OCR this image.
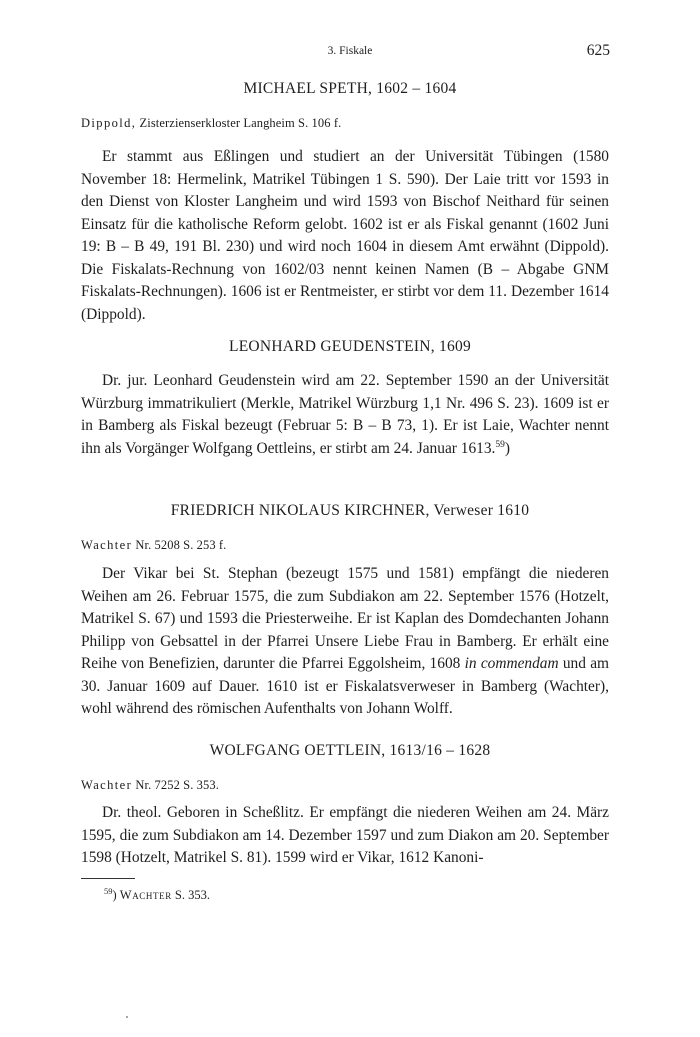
3. Fiskale	625
MICHAEL SPETH, 1602 – 1604
Dippold, Zisterzienserkloster Langheim S. 106 f.

Er stammt aus Eßlingen und studiert an der Universität Tübingen (1580 November 18: Hermelink, Matrikel Tübingen 1 S. 590). Der Laie tritt vor 1593 in den Dienst von Kloster Langheim und wird 1593 von Bischof Neithard für seinen Einsatz für die katholische Reform gelobt. 1602 ist er als Fiskal genannt (1602 Juni 19: B – B 49, 191 Bl. 230) und wird noch 1604 in diesem Amt erwähnt (Dippold). Die Fiskalats-Rechnung von 1602/03 nennt keinen Namen (B – Abgabe GNM Fiskalats-Rechnungen). 1606 ist er Rentmeister, er stirbt vor dem 11. Dezember 1614 (Dippold).

LEONHARD GEUDENSTEIN, 1609

Dr. jur. Leonhard Geudenstein wird am 22. September 1590 an der Universität Würzburg immatrikuliert (Merkle, Matrikel Würzburg 1,1 Nr. 496 S. 23). 1609 ist er in Bamberg als Fiskal bezeugt (Februar 5: B – B 73, 1). Er ist Laie, Wachter nennt ihn als Vorgänger Wolfgang Oettleins, er stirbt am 24. Januar 1613.59)

FRIEDRICH NIKOLAUS KIRCHNER, Verweser 1610
Wachter Nr. 5208 S. 253 f.

Der Vikar bei St. Stephan (bezeugt 1575 und 1581) empfängt die niederen Weihen am 26. Februar 1575, die zum Subdiakon am 22. September 1576 (Hotzelt, Matrikel S. 67) und 1593 die Priesterweihe. Er ist Kaplan des Domdechanten Johann Philipp von Gebsattel in der Pfarrei Unsere Liebe Frau in Bamberg. Er erhält eine Reihe von Benefizien, darunter die Pfarrei Eggolsheim, 1608 in commendam und am 30. Januar 1609 auf Dauer. 1610 ist er Fiskalatsverweser in Bamberg (Wachter), wohl während des römischen Aufenthalts von Johann Wolff.

WOLFGANG OETTLEIN, 1613/16 – 1628
Wachter Nr. 7252 S. 353.

Dr. theol. Geboren in Scheßlitz. Er empfängt die niederen Weihen am 24. März 1595, die zum Subdiakon am 14. Dezember 1597 und zum Diakon am 20. September 1598 (Hotzelt, Matrikel S. 81). 1599 wird er Vikar, 1612 Kanoni-

$^{59}$) Wachter S. 353.
